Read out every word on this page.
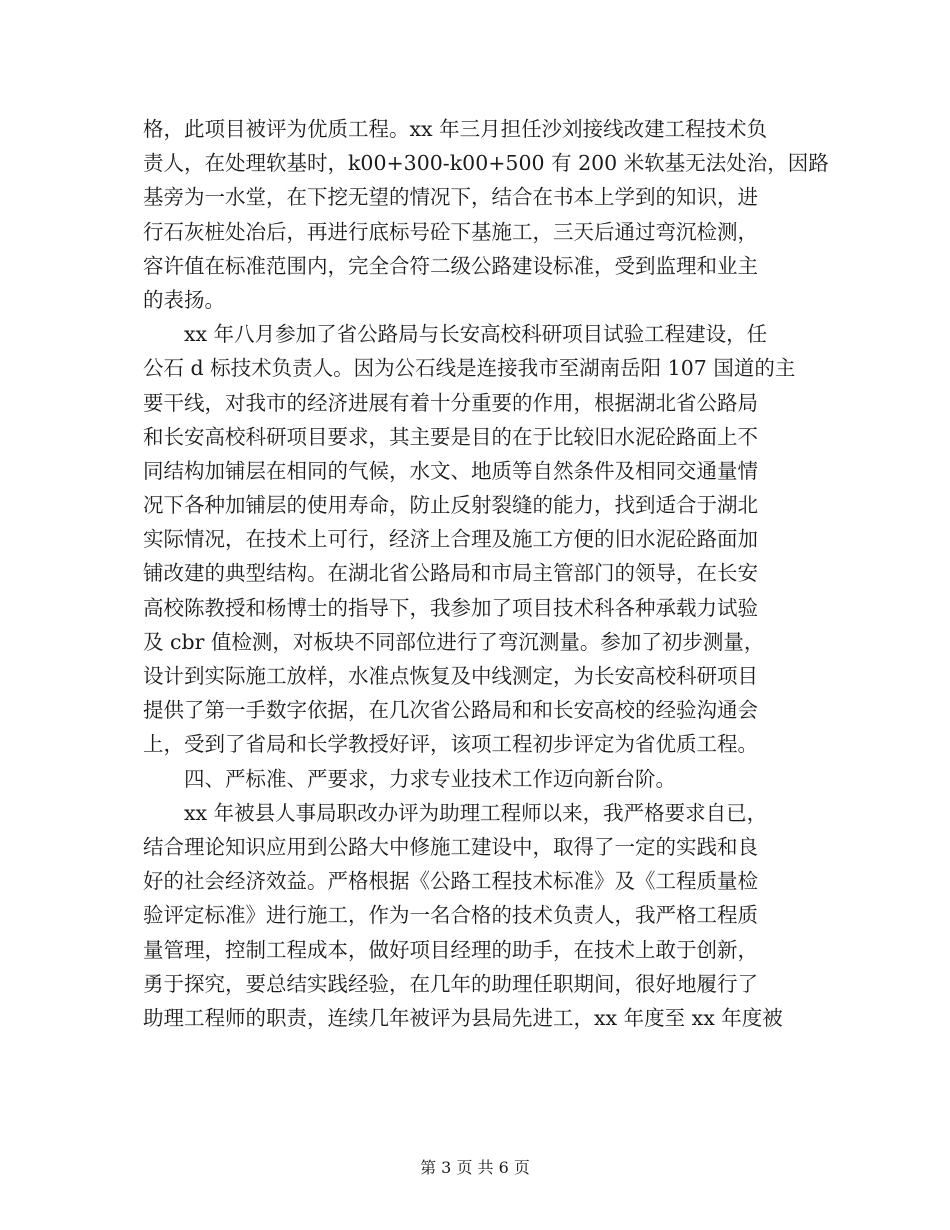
格，此项目被评为优质工程。xx 年三月担任沙刘接线改建工程技术负
责人，在处理软基时，k00+300-k00+500 有 200 米软基无法处治，因路
基旁为一水堂，在下挖无望的情况下，结合在书本上学到的知识，进
行石灰桩处冶后，再进行底标号砼下基施工，三天后通过弯沉检测，
容许值在标准范围内，完全合符二级公路建设标准，受到监理和业主
的表扬。
　　xx 年八月参加了省公路局与长安高校科研项目试验工程建设，任
公石 d 标技术负责人。因为公石线是连接我市至湖南岳阳 107 国道的主
要干线，对我市的经济进展有着十分重要的作用，根据湖北省公路局
和长安高校科研项目要求，其主要是目的在于比较旧水泥砼路面上不
同结构加铺层在相同的气候，水文、地质等自然条件及相同交通量情
况下各种加铺层的使用寿命，防止反射裂缝的能力，找到适合于湖北
实际情况，在技术上可行，经济上合理及施工方便的旧水泥砼路面加
铺改建的典型结构。在湖北省公路局和市局主管部门的领导，在长安
高校陈教授和杨博士的指导下，我参加了项目技术科各种承载力试验
及 cbr 值检测，对板块不同部位进行了弯沉测量。参加了初步测量，
设计到实际施工放样，水准点恢复及中线测定，为长安高校科研项目
提供了第一手数字依据，在几次省公路局和和长安高校的经验沟通会
上，受到了省局和长学教授好评，该项工程初步评定为省优质工程。
　　四、严标准、严要求，力求专业技术工作迈向新台阶。
　　xx 年被县人事局职改办评为助理工程师以来，我严格要求自已，
结合理论知识应用到公路大中修施工建设中，取得了一定的实践和良
好的社会经济效益。严格根据《公路工程技术标准》及《工程质量检
验评定标准》进行施工，作为一名合格的技术负责人，我严格工程质
量管理，控制工程成本，做好项目经理的助手，在技术上敢于创新，
勇于探究，要总结实践经验，在几年的助理任职期间，很好地履行了
助理工程师的职责，连续几年被评为县局先进工，xx 年度至 xx 年度被
第 3 页 共 6 页
